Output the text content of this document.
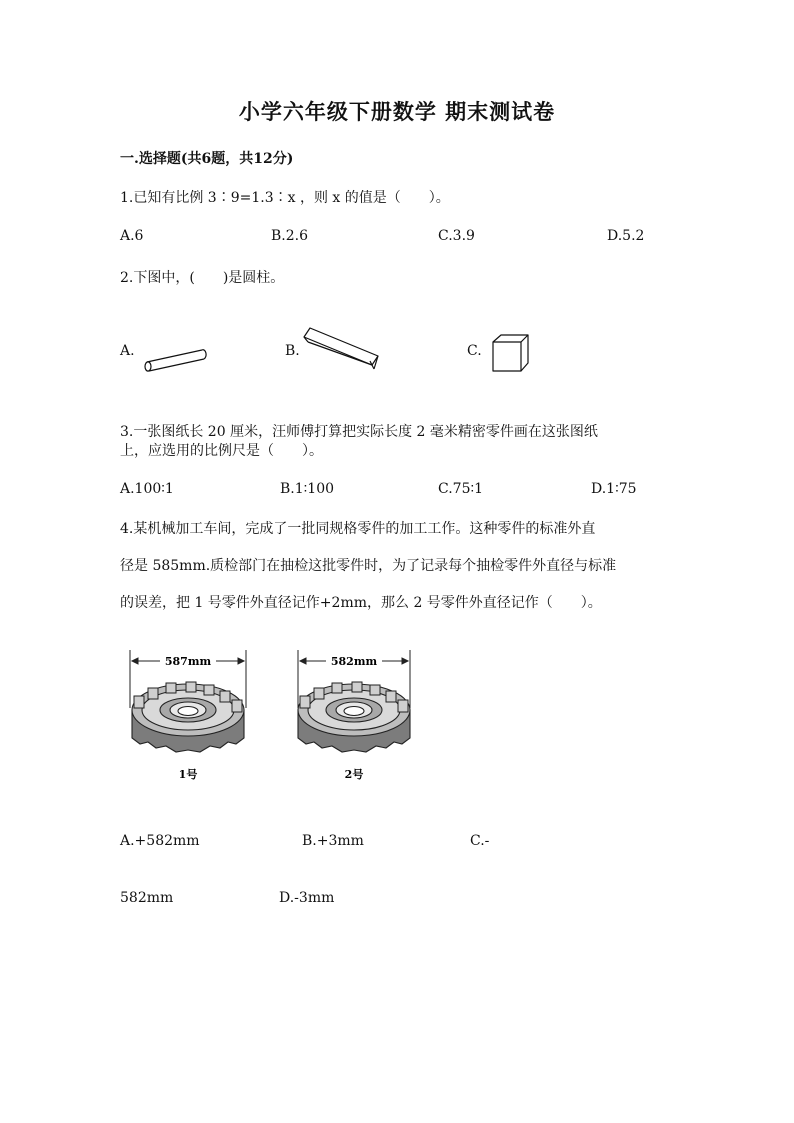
小学六年级下册数学 期末测试卷
一.选择题(共6题，共12分)
1.已知有比例 3∶9=1.3∶x ，则 x 的值是（　　）。
A.6	B.2.6	C.3.9	D.5.2
2.下图中，(　　)是圆柱。
A.	B.	C.
3.一张图纸长 20 厘米，汪师傅打算把实际长度 2 毫米精密零件画在这张图纸
上，应选用的比例尺是（　　）。
A.100∶1	B.1∶100	C.75∶1	D.1∶75
4.某机械加工车间，完成了一批同规格零件的加工工作。这种零件的标准外直
径是 585mm.质检部门在抽检这批零件时，为了记录每个抽检零件外直径与标准
的误差，把 1 号零件外直径记作+2mm，那么 2 号零件外直径记作（　　）。
587mm
1号
582mm
2号
A.+582mm	B.+3mm	C.-
582mm	D.-3mm
